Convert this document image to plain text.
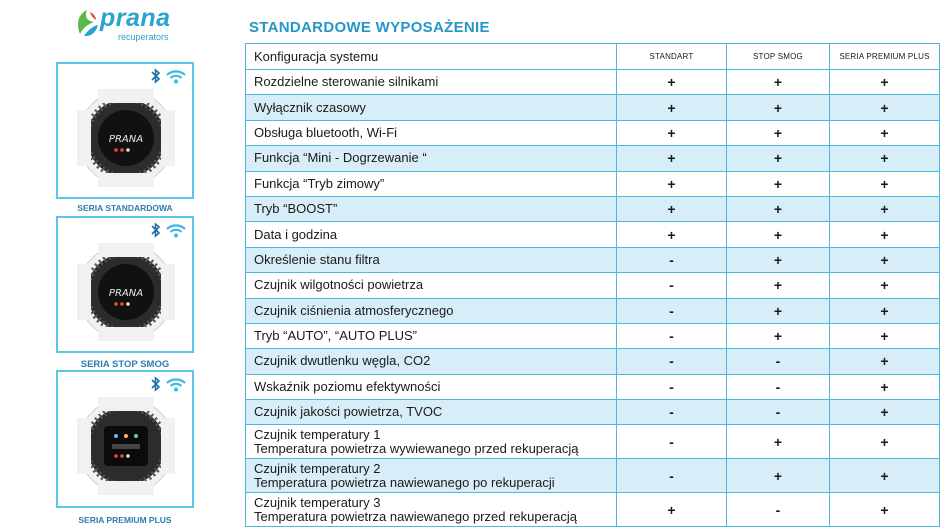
prana
recuperators
PRANA
SERIA STANDARDOWA
PRANA
SERIA STOP SMOG
SERIA PREMIUM PLUS
STANDARDOWE WYPOSAŻENIE
Konfiguracja systemu	STANDART	STOP SMOG	SERIA PREMIUM PLUS

Rozdzielne sterowanie silnikami	+	+	+

Wyłącznik czasowy	+	+	+

Obsługa bluetooth, Wi-Fi	+	+	+

Funkcja “Mini - Dogrzewanie “	+	+	+

Funkcja “Tryb zimowy”	+	+	+

Tryb “BOOST”	+	+	+

Data i godzina	+	+	+

Określenie stanu filtra	-	+	+

Czujnik wilgotności powietrza	-	+	+

Czujnik ciśnienia atmosferycznego	-	+	+

Tryb “AUTO”, “AUTO PLUS”	-	+	+

Czujnik dwutlenku węgla, CO2	-	-	+

Wskaźnik poziomu efektywności	-	-	+

Czujnik jakości powietrza, TVOC	-	-	+

Czujnik temperatury 1
Temperatura powietrza wywiewanego przed rekuperacją	-	+	+

Czujnik temperatury 2
Temperatura powietrza nawiewanego po rekuperacji	-	+	+

Czujnik temperatury 3
Temperatura powietrza nawiewanego przed rekuperacją	+	-	+
